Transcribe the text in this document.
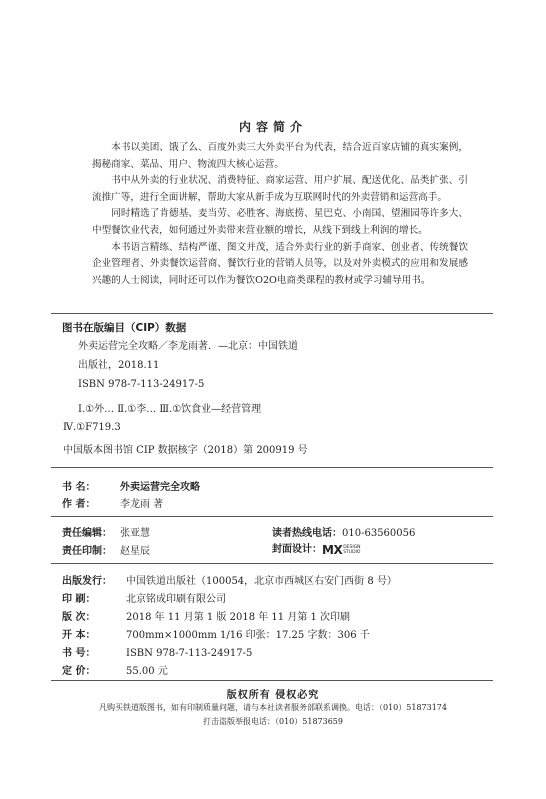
内容简介

本书以美团、饿了么、百度外卖三大外卖平台为代表，结合近百家店铺的真实案例，揭秘商家、菜品、用户、物流四大核心运营。

书中从外卖的行业状况、消费特征、商家运营、用户扩展、配送优化、品类扩张、引流推广等，进行全面讲解，帮助大家从新手成为互联网时代的外卖营销和运营高手。

同时精选了肯德基、麦当劳、必胜客、海底捞、星巴克、小南国、望湘园等许多大、中型餐饮业代表，如何通过外卖带来营业额的增长，从线下到线上利润的增长。

本书语言精练、结构严谨、图文并茂，适合外卖行业的新手商家、创业者、传统餐饮企业管理者、外卖餐饮运营商、餐饮行业的营销人员等，以及对外卖模式的应用和发展感兴趣的人士阅读，同时还可以作为餐饮O2O电商类课程的教材或学习辅导用书。

图书在版编目（CIP）数据
外卖运营完全攻略／李龙雨著．—北京：中国铁道
出版社，2018.11
ISBN 978-7-113-24917-5
Ⅰ.①外… Ⅱ.①李… Ⅲ.①饮食业—经营管理
Ⅳ.①F719.3
中国版本图书馆 CIP 数据核字（2018）第 200919 号
书 名： 外卖运营完全攻略
作 者： 李龙雨 著
责任编辑： 张亚慧	读者热线电话：010-63560056
责任印制： 赵星辰	封面设计：MXDESIGN
STUDIO
出版发行： 中国铁道出版社（100054，北京市西城区右安门西街 8 号）
印 刷：	北京铭成印刷有限公司
版 次：	2018 年 11 月第 1 版 2018 年 11 月第 1 次印刷
开 本：	700mm×1000mm 1/16 印张：17.25 字数：306 千
书 号：	ISBN 978-7-113-24917-5
定 价：	55.00 元
版权所有 侵权必究
凡购买铁道版图书，如有印制质量问题，请与本社读者服务部联系调换。电话：（010）51873174
打击盗版举报电话：（010）51873659
